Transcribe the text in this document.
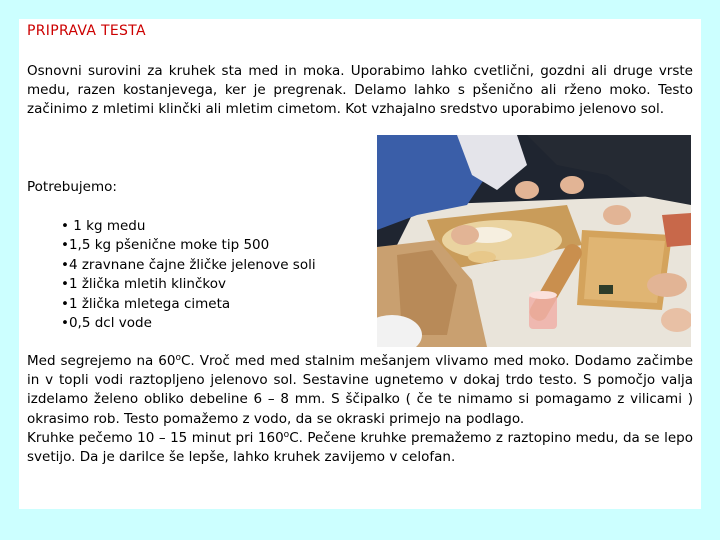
PRIPRAVA TESTA
Osnovni surovini za kruhek sta med in moka. Uporabimo lahko cvetlični, gozdni ali druge vrste medu, razen kostanjevega, ker je pregrenak. Delamo lahko s pšenično ali rženo moko. Testo začinimo z mletimi klinčki ali mletim cimetom. Kot vzhajalno sredstvo uporabimo jelenovo sol.
Potrebujemo:
• 1 kg medu
• 1,5 kg pšenične moke tip 500
• 4 zravnane čajne žličke jelenove soli
• 1 žlička mletih klinčkov
• 1 žlička mletega cimeta
• 0,5 dcl vode
Med segrejemo na 60$^o$C. Vroč med med stalnim mešanjem vlivamo med moko. Dodamo začimbe in v topli vodi raztopljeno jelenovo sol. Sestavine ugnetemo v dokaj trdo testo. S pomočjo valja izdelamo želeno obliko debeline 6 – 8 mm. S ščipalko ( če te nimamo si pomagamo z vilicami ) okrasimo rob. Testo pomažemo z vodo, da se okraski primejo na podlago.
Kruhke pečemo 10 – 15 minut pri 160$^o$C. Pečene kruhke premažemo z raztopino medu, da se lepo svetijo. Da je darilce še lepše, lahko kruhek zavijemo v celofan.
